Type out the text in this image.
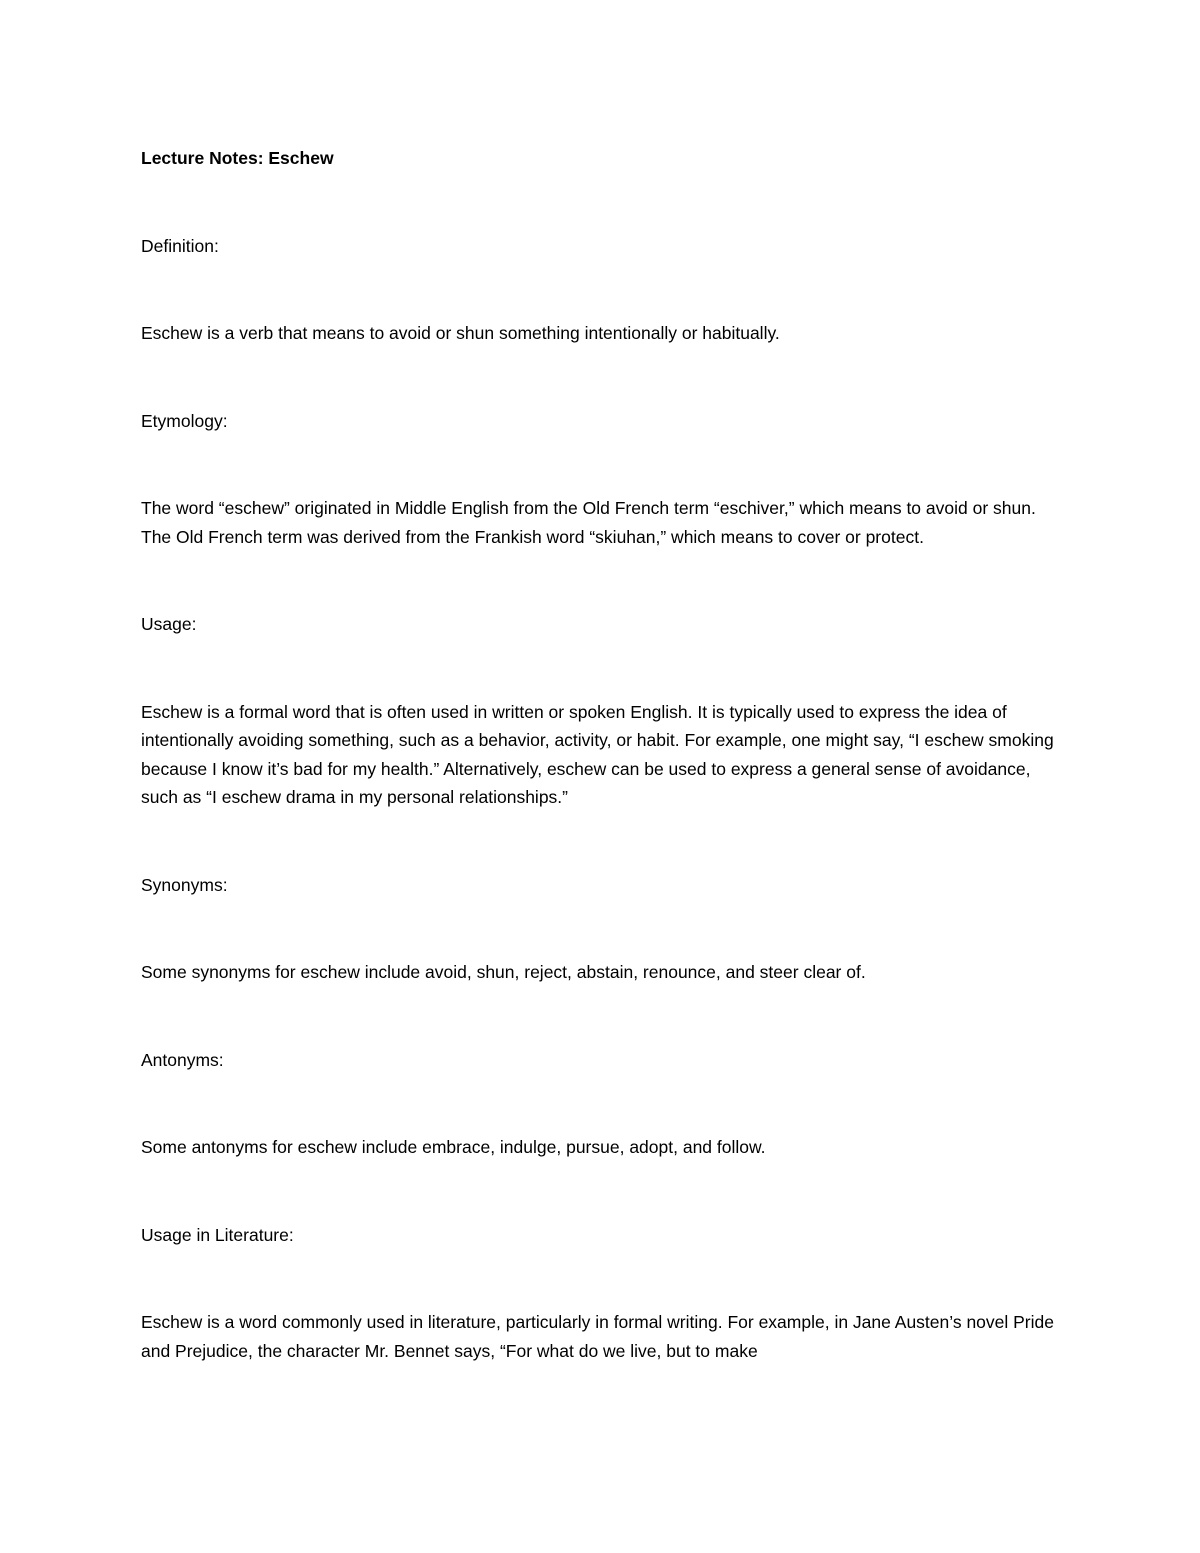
Lecture Notes: Eschew
Definition:
Eschew is a verb that means to avoid or shun something intentionally or habitually.
Etymology:
The word “eschew” originated in Middle English from the Old French term “eschiver,” which means to avoid or shun. The Old French term was derived from the Frankish word “skiuhan,” which means to cover or protect.
Usage:
Eschew is a formal word that is often used in written or spoken English. It is typically used to express the idea of intentionally avoiding something, such as a behavior, activity, or habit. For example, one might say, “I eschew smoking because I know it’s bad for my health.” Alternatively, eschew can be used to express a general sense of avoidance, such as “I eschew drama in my personal relationships.”
Synonyms:
Some synonyms for eschew include avoid, shun, reject, abstain, renounce, and steer clear of.
Antonyms:
Some antonyms for eschew include embrace, indulge, pursue, adopt, and follow.
Usage in Literature:
Eschew is a word commonly used in literature, particularly in formal writing. For example, in Jane Austen’s novel Pride and Prejudice, the character Mr. Bennet says, “For what do we live, but to make
